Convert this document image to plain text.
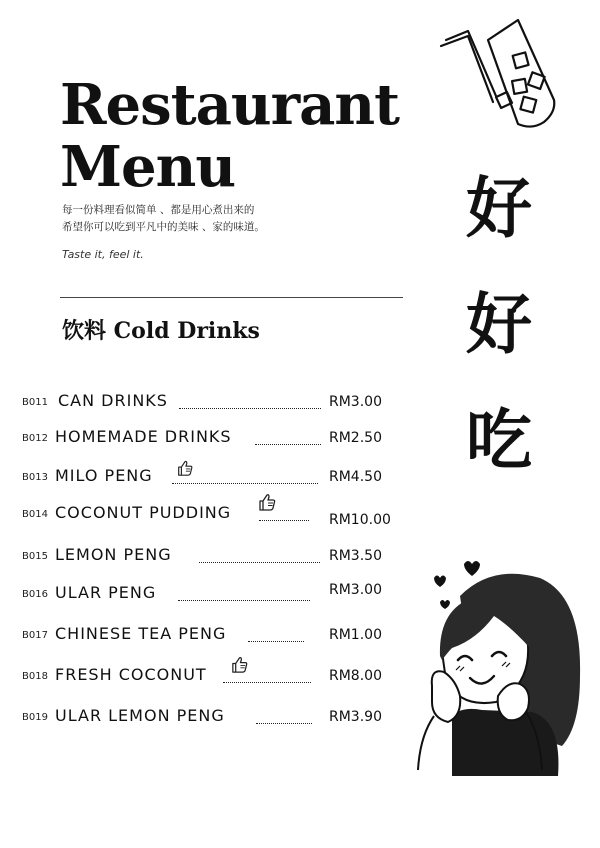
Restaurant
Menu
每一份料理看似简单 、都是用心煮出来的
希望你可以吃到平凡中的美味 、家的味道。
Taste it, feel it.
饮料 Cold Drinks
B011 CAN DRINKS	RM3.00
B012 HOMEMADE DRINKS	RM2.50
B013 MILO PENG	RM4.50
B014 COCONUT PUDDING	RM10.00
B015 LEMON PENG	RM3.50
B016 ULAR PENG	RM3.00
B017 CHINESE TEA PENG	RM1.00
B018 FRESH COCONUT	RM8.00
B019 ULAR LEMON PENG	RM3.90
好
好
吃
